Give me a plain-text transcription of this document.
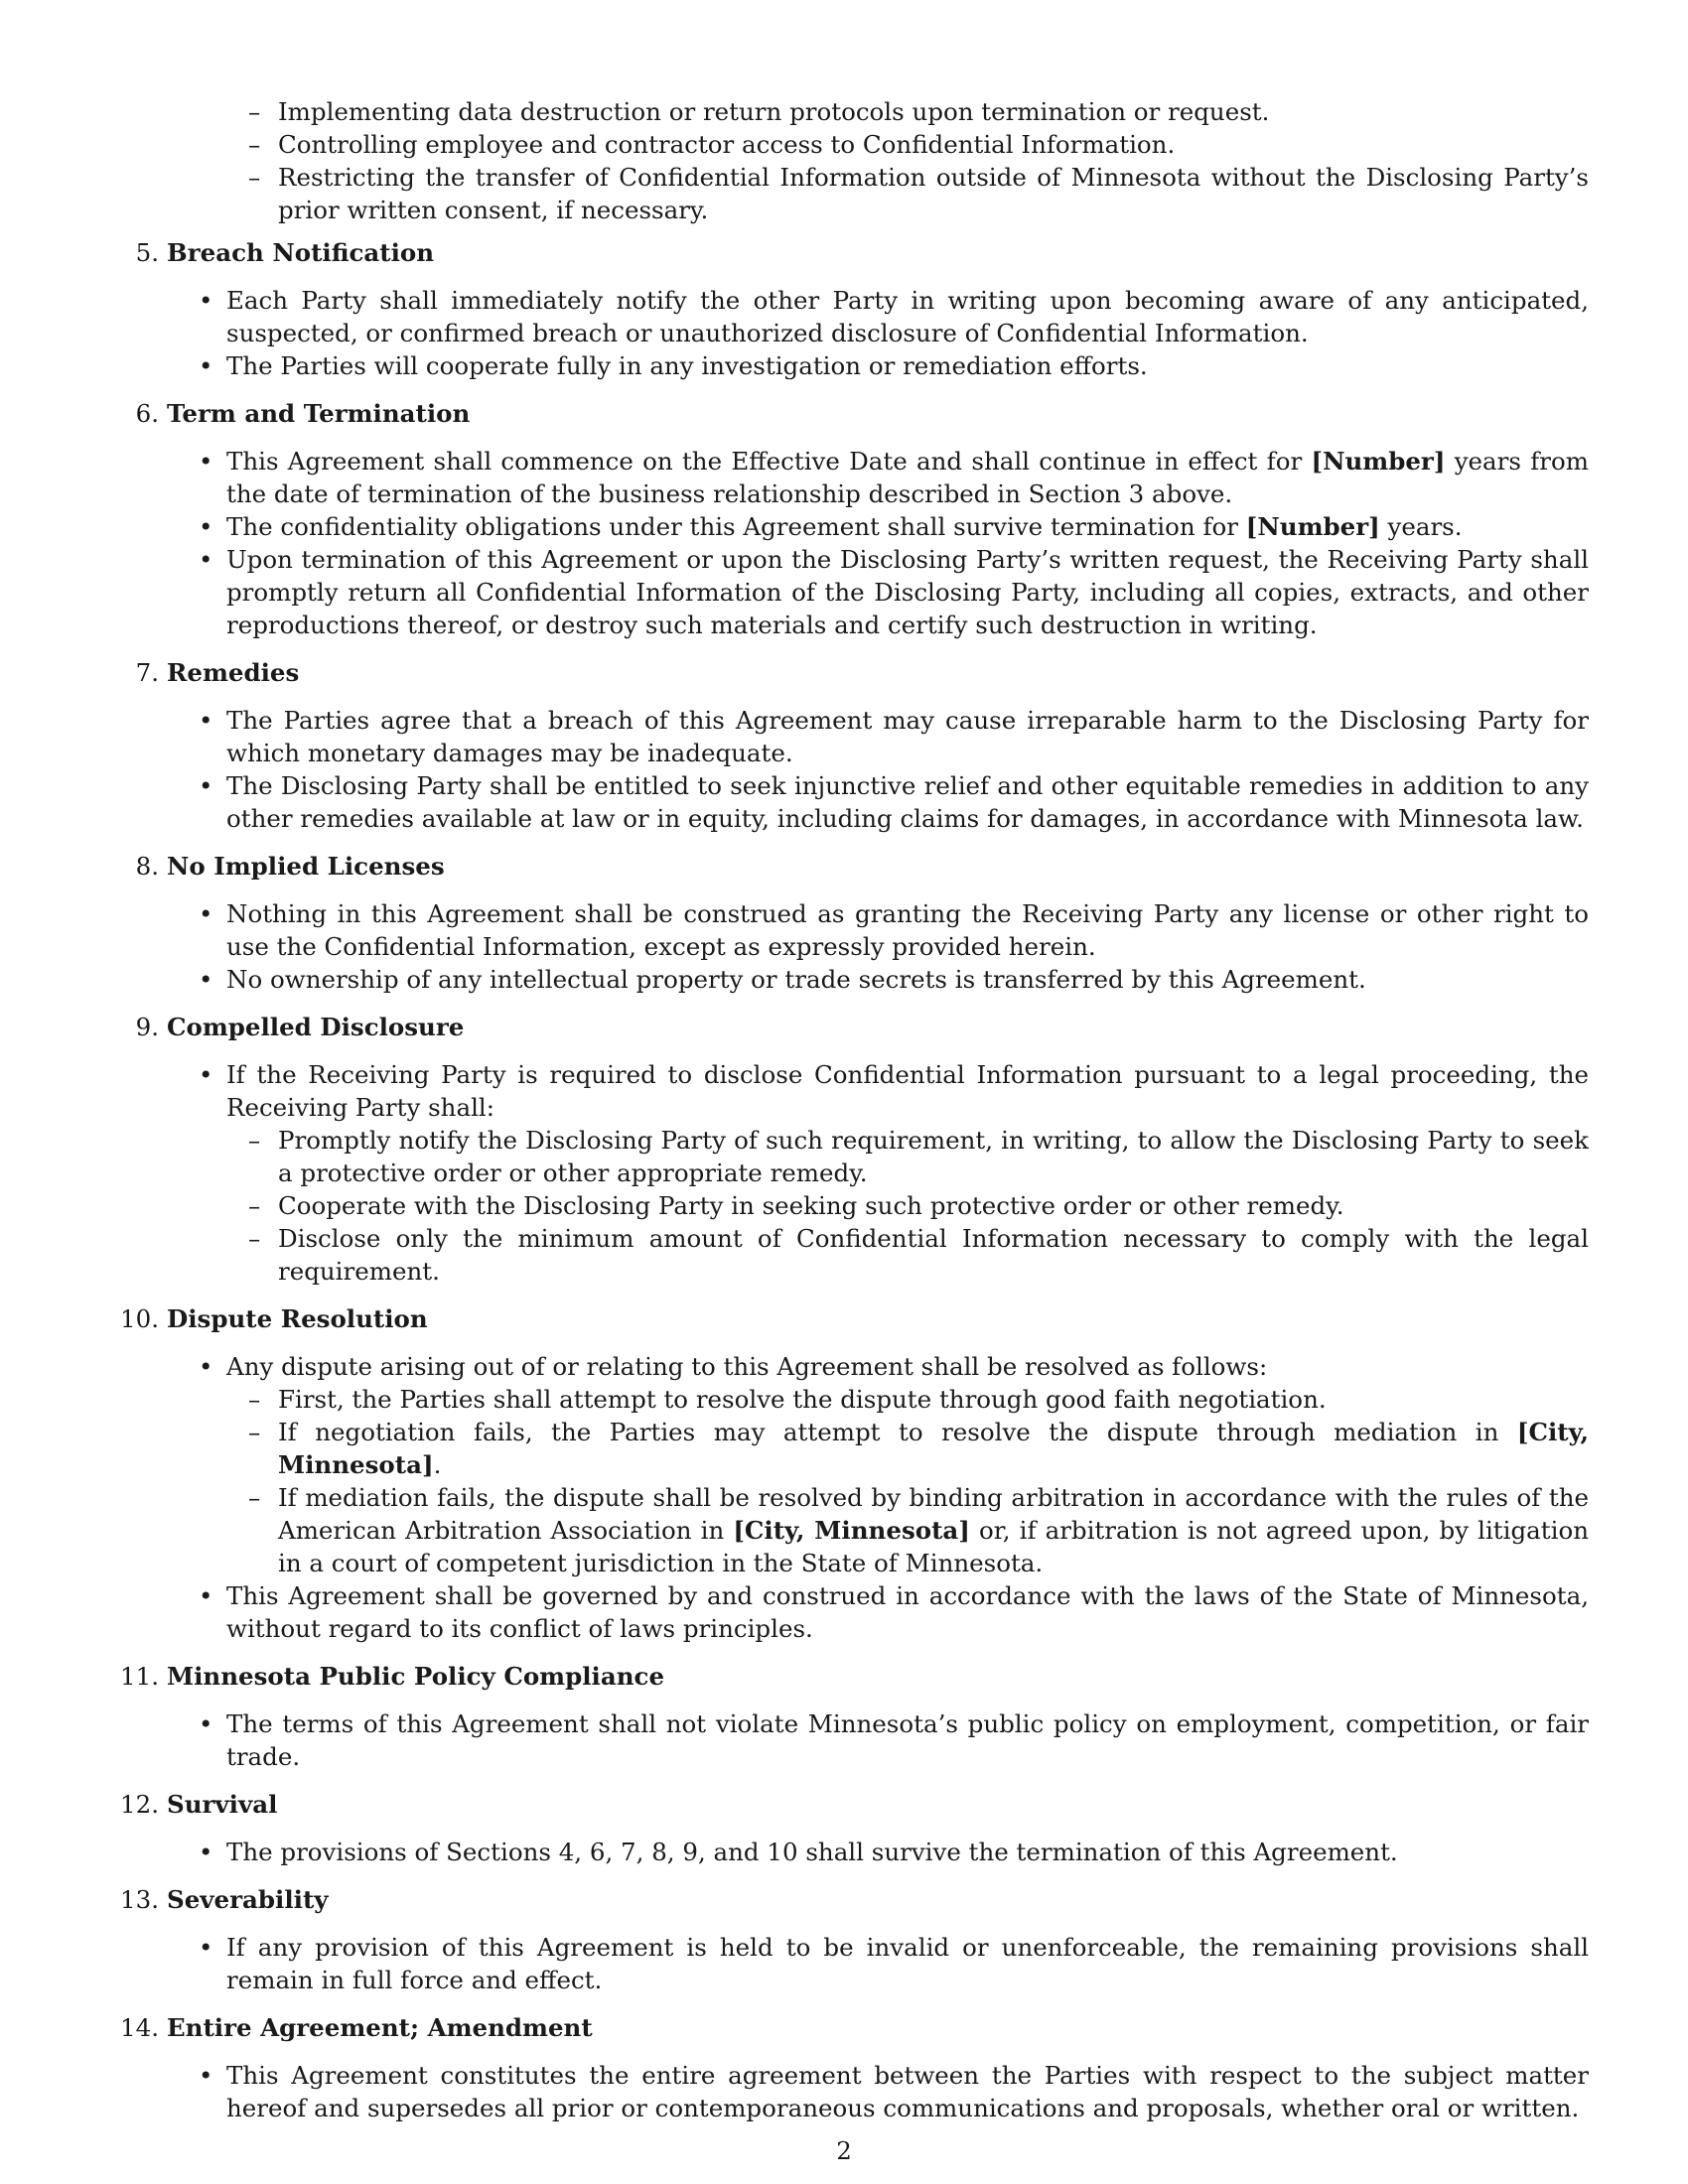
– Implementing data destruction or return protocols upon termination or request.
– Controlling employee and contractor access to Confidential Information.
– Restricting the transfer of Confidential Information outside of Minnesota without the Disclosing Party’s prior written consent, if necessary.
5. Breach Notification
• Each Party shall immediately notify the other Party in writing upon becoming aware of any anticipated, suspected, or confirmed breach or unauthorized disclosure of Confidential Information.
• The Parties will cooperate fully in any investigation or remediation efforts.
6. Term and Termination
• This Agreement shall commence on the Effective Date and shall continue in effect for [Number] years from the date of termination of the business relationship described in Section 3 above.
• The confidentiality obligations under this Agreement shall survive termination for [Number] years.
• Upon termination of this Agreement or upon the Disclosing Party’s written request, the Receiving Party shall promptly return all Confidential Information of the Disclosing Party, including all copies, extracts, and other reproductions thereof, or destroy such materials and certify such destruction in writing.
7. Remedies
• The Parties agree that a breach of this Agreement may cause irreparable harm to the Disclosing Party for which monetary damages may be inadequate.
• The Disclosing Party shall be entitled to seek injunctive relief and other equitable remedies in addition to any other remedies available at law or in equity, including claims for damages, in accordance with Minnesota law.
8. No Implied Licenses
• Nothing in this Agreement shall be construed as granting the Receiving Party any license or other right to use the Confidential Information, except as expressly provided herein.
• No ownership of any intellectual property or trade secrets is transferred by this Agreement.
9. Compelled Disclosure
• If the Receiving Party is required to disclose Confidential Information pursuant to a legal proceeding, the Receiving Party shall:
– Promptly notify the Disclosing Party of such requirement, in writing, to allow the Disclosing Party to seek a protective order or other appropriate remedy.
– Cooperate with the Disclosing Party in seeking such protective order or other remedy.
– Disclose only the minimum amount of Confidential Information necessary to comply with the legal requirement.
10. Dispute Resolution
• Any dispute arising out of or relating to this Agreement shall be resolved as follows:
– First, the Parties shall attempt to resolve the dispute through good faith negotiation.
– If negotiation fails, the Parties may attempt to resolve the dispute through mediation in [City, Minnesota].
– If mediation fails, the dispute shall be resolved by binding arbitration in accordance with the rules of the American Arbitration Association in [City, Minnesota] or, if arbitration is not agreed upon, by litigation in a court of competent jurisdiction in the State of Minnesota.
• This Agreement shall be governed by and construed in accordance with the laws of the State of Minnesota, without regard to its conflict of laws principles.
11. Minnesota Public Policy Compliance
• The terms of this Agreement shall not violate Minnesota’s public policy on employment, competition, or fair trade.
12. Survival
• The provisions of Sections 4, 6, 7, 8, 9, and 10 shall survive the termination of this Agreement.
13. Severability
• If any provision of this Agreement is held to be invalid or unenforceable, the remaining provisions shall remain in full force and effect.
14. Entire Agreement; Amendment
• This Agreement constitutes the entire agreement between the Parties with respect to the subject matter hereof and supersedes all prior or contemporaneous communications and proposals, whether oral or written.
2
